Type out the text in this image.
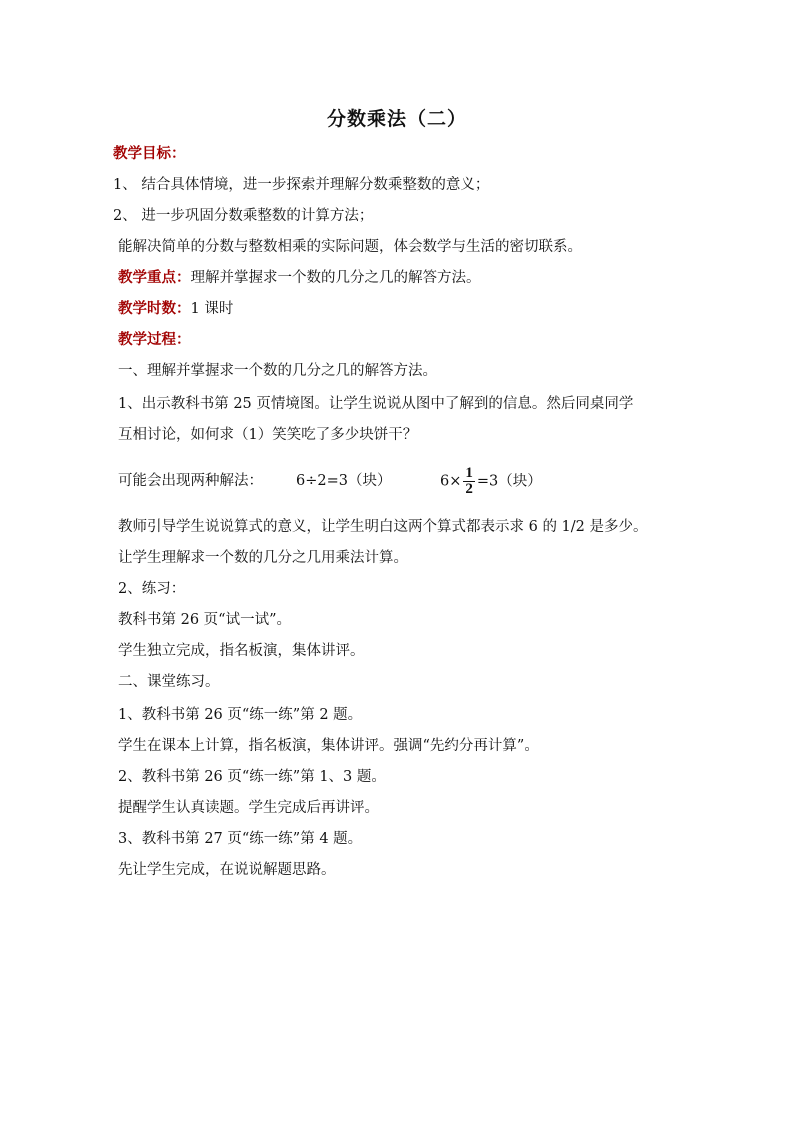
分数乘法（二）
教学目标：
1、 结合具体情境，进一步探索并理解分数乘整数的意义；
2、 进一步巩固分数乘整数的计算方法；
能解决简单的分数与整数相乘的实际问题，体会数学与生活的密切联系。
教学重点：理解并掌握求一个数的几分之几的解答方法。
教学时数：1 课时
教学过程：
一、理解并掌握求一个数的几分之几的解答方法。
1、出示教科书第 25 页情境图。让学生说说从图中了解到的信息。然后同桌同学
互相讨论，如何求（1）笑笑吃了多少块饼干？
可能会出现两种解法： 6÷2=3（块）	$6\times \frac{1}{2} =3$（块）
教师引导学生说说算式的意义，让学生明白这两个算式都表示求 6 的 1/2 是多少。
让学生理解求一个数的几分之几用乘法计算。
2、练习：
教科书第 26 页“试一试”。
学生独立完成，指名板演，集体讲评。
二、课堂练习。
1、教科书第 26 页“练一练”第 2 题。
学生在课本上计算，指名板演，集体讲评。强调“先约分再计算”。
2、教科书第 26 页“练一练”第 1、3 题。
提醒学生认真读题。学生完成后再讲评。
3、教科书第 27 页“练一练”第 4 题。
先让学生完成，在说说解题思路。
